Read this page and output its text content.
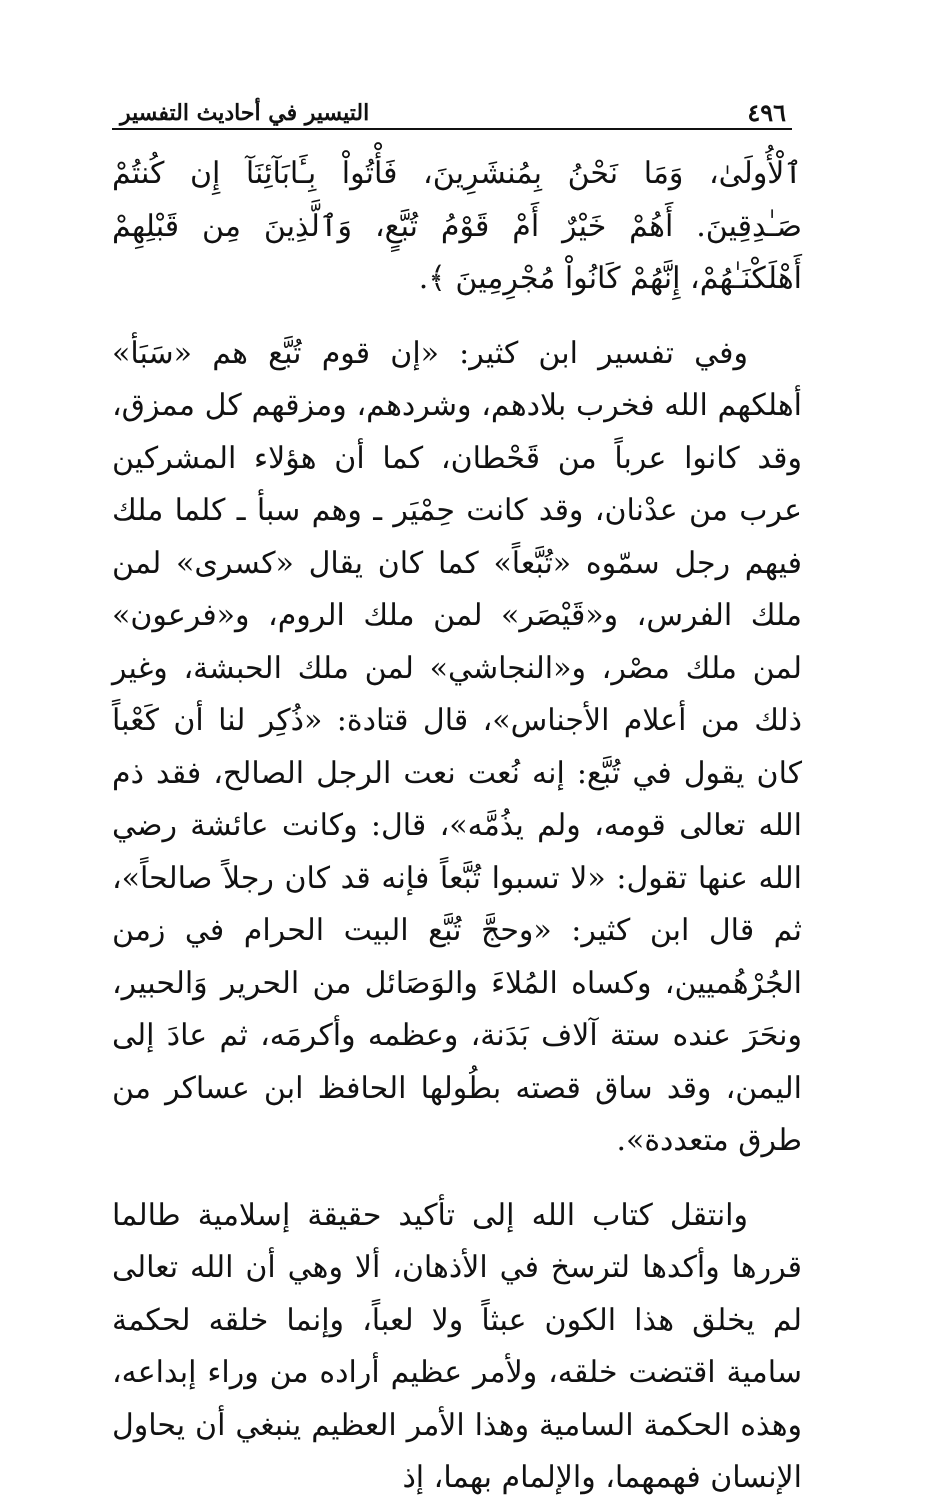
٤٩٦
التيسير في أحاديث التفسير

ٱلْأُولَىٰ، وَمَا نَحْنُ بِمُنشَرِينَ، فَأْتُواْ بِـَٔابَآئِنَآ إِن كُنتُمْ صَـٰدِقِينَ. أَهُمْ خَيْرٌ أَمْ قَوْمُ تُبَّعٍ، وَٱلَّذِينَ مِن قَبْلِهِمْ أَهْلَكْنَـٰهُمْ، إِنَّهُمْ كَانُواْ مُجْرِمِينَ ﴾.

وفي تفسير ابن كثير: «إن قوم تُبَّع هم «سَبَأ» أهلكهم الله فخرب بلادهم، وشردهم، ومزقهم كل ممزق، وقد كانوا عرباً من قَحْطان، كما أن هؤلاء المشركين عرب من عدْنان، وقد كانت حِمْيَر ـ وهم سبأ ـ كلما ملك فيهم رجل سمّوه «تُبَّعاً» كما كان يقال «كسرى» لمن ملك الفرس، و«قَيْصَر» لمن ملك الروم، و«فرعون» لمن ملك مصْر، و«النجاشي» لمن ملك الحبشة، وغير ذلك من أعلام الأجناس»، قال قتادة: «ذُكِر لنا أن كَعْباً كان يقول في تُبَّع: إنه نُعت نعت الرجل الصالح، فقد ذم الله تعالى قومه، ولم يذُمَّه»، قال: وكانت عائشة رضي الله عنها تقول: «لا تسبوا تُبَّعاً فإنه قد كان رجلاً صالحاً»، ثم قال ابن كثير: «وحجَّ تُبَّع البيت الحرام في زمن الجُرْهُميين، وكساه المُلاءَ والوَصَائل من الحرير وَالحبير، ونحَرَ عنده ستة آلاف بَدَنة، وعظمه وأكرمَه، ثم عادَ إلى اليمن، وقد ساق قصته بطُولها الحافظ ابن عساكر من طرق متعددة».

وانتقل كتاب الله إلى تأكيد حقيقة إسلامية طالما قررها وأكدها لترسخ في الأذهان، ألا وهي أن الله تعالى لم يخلق هذا الكون عبثاً ولا لعباً، وإنما خلقه لحكمة سامية اقتضت خلقه، ولأمر عظيم أراده من وراء إبداعه، وهذه الحكمة السامية وهذا الأمر العظيم ينبغي أن يحاول الإنسان فهمهما، والإلمام بهما، إذ
